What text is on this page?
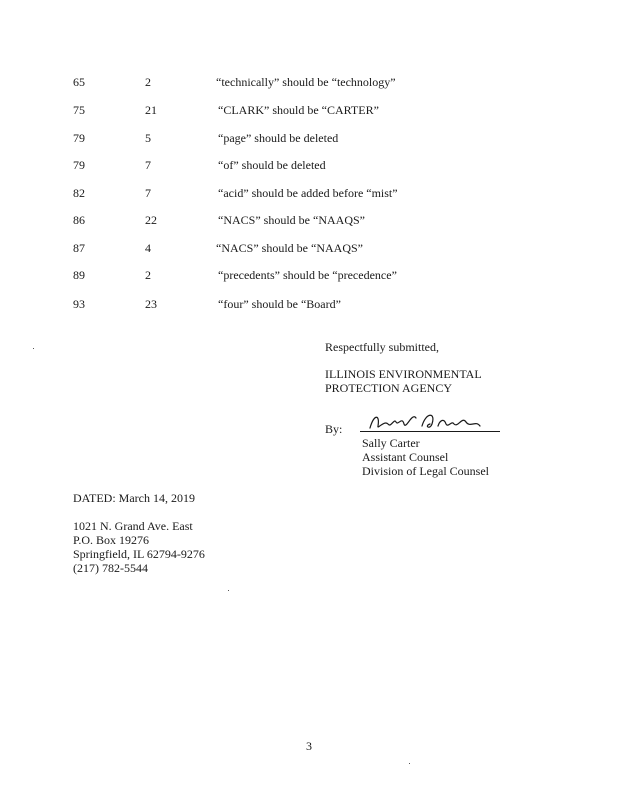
65	2	“technically” should be “technology”
75	21	“CLARK” should be “CARTER”
79	5	“page” should be deleted
79	7	“of” should be deleted
82	7	“acid” should be added before “mist”
86	22	“NACS” should be “NAAQS”
87	4	“NACS” should be “NAAQS”
89	2	“precedents” should be “precedence”
93	23	“four” should be “Board”
Respectfully submitted,
ILLINOIS ENVIRONMENTAL
PROTECTION AGENCY
By:
Sally Carter
Assistant Counsel
Division of Legal Counsel
DATED: March 14, 2019
1021 N. Grand Ave. East
P.O. Box 19276
Springfield, IL 62794-9276
(217) 782-5544
3
